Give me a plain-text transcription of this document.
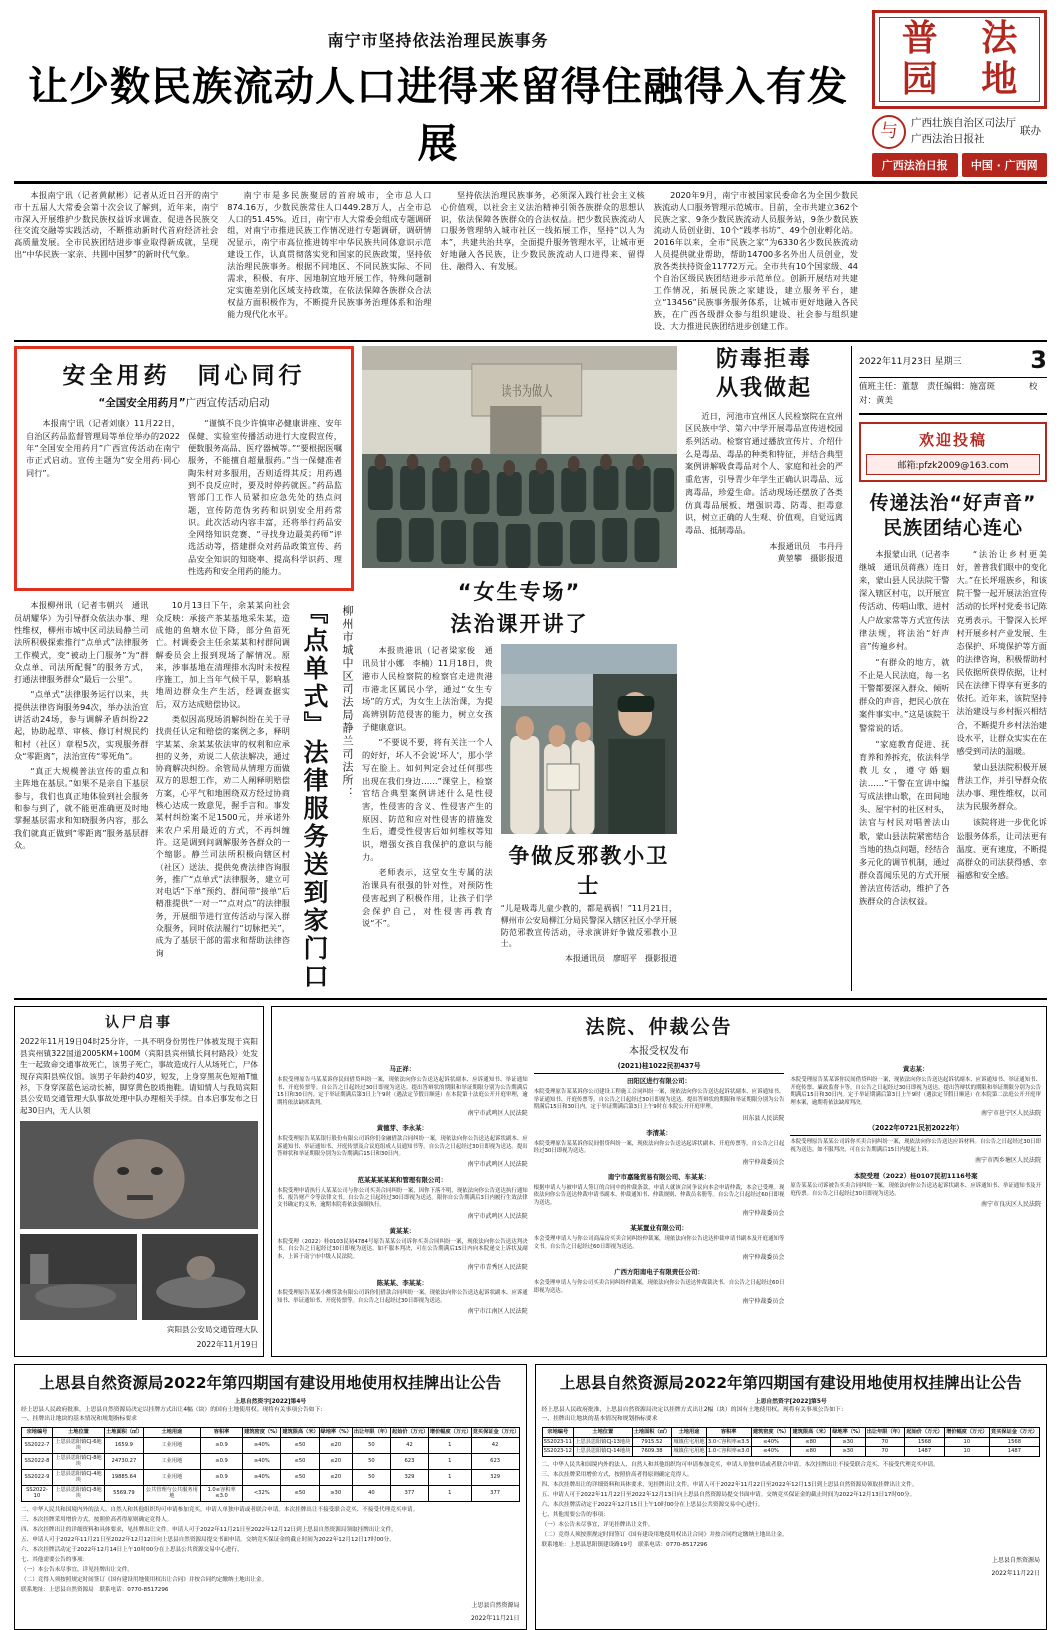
南宁市坚持依法治理民族事务
让少数民族流动人口进得来留得住融得入有发展
普	法
园	地
与	广西壮族自治区司法厅
广西法治日报社
联办
广西法治日报	中国 · 广西网

本报南宁讯（记者黄献彬）记者从近日召开的南宁市十五届人大常委会第十次会议了解到，近年来，南宁市深入开展维护少数民族权益诉求调查、促进各民族交往交流交融等实践活动，不断推动新时代首府经济社会高质量发展。全市民族团结进步事业取得新成就，呈现出“中华民族一家亲、共圆中国梦”的新时代气象。

南宁市是多民族聚居的首府城市，全市总人口874.16万，少数民族常住人口449.28万人，占全市总人口的51.45%。近日，南宁市人大常委会组成专题调研组，对南宁市推进民族工作情况进行专题调研，调研情况显示，南宁市高位推进铸牢中华民族共同体意识示范建设工作，认真贯彻落实党和国家的民族政策，坚持依法治理民族事务。根据不同地区、不同民族实际、不同需求，积极、有序、因地制宜地开展工作，特殊问题制定实施差别化区域支持政策，在依法保障各族群众合法权益方面积极作为，不断提升民族事务治理体系和治理能力现代化水平。

坚持依法治理民族事务，必须深入践行社会主义核心价值观，以社会主义法治精神引领各族群众的思想认识，依法保障各族群众的合法权益。把少数民族流动人口服务管理纳入城市社区一线拓展工作，坚持“以人为本”，共建共治共享，全面提升服务管理水平，让城市更好地融入各民族，让少数民族流动人口进得来、留得住、融得入、有发展。

2020年9月，南宁市被国家民委命名为全国少数民族流动人口服务管理示范城市。目前，全市共建立362个民族之家、9条少数民族流动人员服务站，9条少数民族流动人员创业街、10个“践孝书坊”、49个创业孵化站。2016年以来，全市“民族之家”为6330名少数民族流动人员提供就业帮助，帮助14700多名外出人员创业，发放各类扶持资金11772万元。全市共有10个国家级、44个自治区级民族团结进步示范单位。创新开展结对共建工作情况，拓展民族之家建设，建立服务平台，建立“13456”民族事务服务体系，让城市更好地融入各民族，在广西各级群众参与组织建设、社会参与组织建设、大力推进民族团结进步创建工作。

安全用药　同心同行
“全国安全用药月”广西宣传活动启动

本报南宁讯（记者刘康）11月22日，自治区药品监督管理局等单位举办的2022年“全国安全用药月”广西宣传活动在南宁市正式启动。宣传主题为“安全用药·同心同行”。

“谨慎不良少许慎审必健康讲座、安年保健、实验室传播活动进行大度假宣传，便数服务高品、医疗器械等。”“要根据医嘱服务，不能擅自超量服药。”当一保健准者陶朱村对多服用，否则适得其反；用药遇到不良反应时，要及时停药就医。”药品监管部门工作人员紧扣应急先处的热点问题，宣传防范伪劣药和识别安全用药常识。此次活动内容丰富，还将举行药品安全网络知识竞赛、“寻找身边最美药师”评选活动等，搭建群众对药品政策宣传、药品安全知识的知晓率、提高科学识药、理性选药和安全用药的能力。

本报柳州讯（记者韦朝兴　通讯员胡耀华）为引导群众依法办事、理性维权，柳州市城中区司法局静兰司法所积极探索推行“点单式”法律服务工作模式，变“被动上门服务”为“群众点单、司法所配餐”的服务方式，打通法律服务群众“最后一公里”。

“点单式”法律服务运行以来，共提供法律咨询服务94次，举办法治宣讲活动24场，参与调解矛盾纠纷22起，协助起草、审核、修订村规民约和村（社区）章程5次，实现服务群众“零距离”，法治宣传“零死角”。

“真正大规模普法宣传的重点和主阵地在基层。”如果不是亲自下基层参与，我们也真正地体验到社会服务和参与到了，就不能更准确更及时地掌握基层需求和知晓服务内容，那么我们就真正做到“零距离”服务基层群众。

10月13日下午，余某某向社会众反映：承接产茶某基地采朱某，造成他的鱼塘水位下降，部分鱼苗死亡。村调委会主任余某某和村群间调解委员会上报到现场了解情况。原来，涉事基地在清理排水沟时未按程序施工，加上当年气候干旱，影响基地周边群众生产生活，经调查据实后，双方达成赔偿协议。

类似因高现场消解纠纷在关于寻找责任认定和赔偿的案例之多，释明字某某、余某某依法审的权利和应承担的义务，劝说二人依法解决，通过协商解决纠纷。余管局从情理方面做双方的思想工作，劝二人阐释明赔偿方案，心平气和地围绕双方经过协商核心达成一致意见，握手言和。事发某村纠纷案不足1500元，并承诺外来农户采用最近的方式，不再纠缠许。这是调到问调解服务各群众的一个缩影。静兰司法所积极向辖区村（社区）送法、提供免费法律咨询服务，推广“点单式”法律服务，建立可对电话“下单”预约、群间带“接单”后精准提供“一对一”“点对点”的法律服务，开展细节进行宣传活动与深入群众服务，同时依法履行“切脉把关”，成为了基层干部的需求和帮助法律咨询	『点单式』法律服务送到家门口	柳州市城中区司法局静兰司法所：
读书为做人
“女生专场”
法治课开讲了

本报贵港讯（记者梁家俊　通讯员甘小娜　李楠）11月18日，贵港市人民检察院的检察官走进贵港市港北区属民小学，通过“女生专场”的方式，为女生上法治课，为提高辨别防范侵害的能力，树立女孩子健康意识。

“不要说不要，将有关注一个人的好好，坏人不会说'坏人'，那小学写在脸上。如何判定会过任何那些出现在我们身边……”课堂上，检察官结合典型案例讲述什么是性侵害，性侵害的含义、性侵害产生的原因、防范和应对性侵害的措施发生后，遭受性侵害后如何维权等知识，增强女孩自我保护的意识与能力。

老师表示，这堂女生专属的法治课具有很强的针对性，对预防性侵害起到了积极作用，让孩子们学会保护自己，对性侵害再教育说“不”。

争做反邪教小卫士
“儿是吸毒儿童少教的，都是祸祸！”11月21日，柳州市公安局柳江分局民警深入辖区社区小学开展防范邪教宣传活动，寻求演讲好争做反邪教小卫士。
本报通讯员　廖昭平　摄影报道
防毒拒毒
从我做起

近日，河池市宜州区人民检察院在宜州区民族中学、第六中学开展毒品宣传进校园系列活动。检察官通过播放宣传片、介绍什么是毒品、毒品的种类和特征，并结合典型案例讲解吸食毒品对个人、家庭和社会的严重危害，引导青少年学生正确认识毒品、远离毒品，珍爱生命。活动现场还摆放了各类仿真毒品展板、增强识毒、防毒、拒毒意识，树立正确的人生观、价值观，自觉远离毒品、抵制毒品。

本报通讯员　韦丹丹
黄堃攀　摄影报道
2022年11月23日 星期三	3
值班主任：董慧　责任编辑：施富斑　　　　校对：黄美
欢迎投稿
邮箱:pfzk2009@163.com
传递法治“好声音”
民族团结心连心

本报蒙山讯（记者李继城　通讯员蒋燕）连日来，蒙山县人民法院干警深入辖区村屯，以开展宣传活动、传唱山歌、进村人户故家常等方式宣传法律法规，将法治“好声音”传遍乡村。

“有群众的地方，就不止是人民法庭，每一名干警都要深入群众、倾听群众的声音，把民心放在案件事实中。”这是该院干警常说的话。

“家庭教育促进、抚育养和养拆充，依法科学教儿女，遵守婚姻法……”干警在宣讲中编写成法律山歌，在田间地头、屋宇村的社区村头，法官与村民对唱普法山歌，蒙山县法院紧密结合当地的热点问题，经结合多元化的调节机制，通过群众喜闻乐见的方式开展普法宣传活动，维护了各族群众的合法权益。

“法治让乡村更美好，普普我们眼中的变化大。”在长坪瑶族乡，和该院干警一起开展法治宣传活动的长坪村党委书记陈克勇表示。干警深入长坪村开展乡村产业发展、生态保护、环境保护等方面的法律咨询，积极帮助村民依据所获得依据，让村民在法律下得享有更多的依托。近年来，该院坚持法治建设与乡村振兴相结合，不断提升乡村法治建设水平，让群众实实在在感受到司法的温暖。

蒙山县法院积极开展普法工作，并引导群众依法办事、理性维权，以司法为民服务群众。

该院将进一步优化诉讼服务体系，让司法更有温度、更有速度，不断提高群众的司法获得感、幸福感和安全感。

认尸启事
2022年11月19日04时25分许，一具不明身份男性尸体被发现于宾阳县宾州镇322国道2005KM+100M（宾阳县宾州镇长间村路段）处发生一起致命交通事故死亡，该男子死亡，事故造成行人从场死亡，尸体现存宾阳县殡仪馆。该男子年龄约40岁，短发，上身穿黑灰色短袖T恤衫，下身穿深蓝色运动长裤，脚穿黄色胶质拖鞋。请知情人与我局宾阳县公安局交通管理大队事故处理中队办理相关手续。自本启事发布之日起30日内，无人认领
宾阳县公安局交通管理大队
2022年11月19日
法院、仲裁公告
本报受权发布

马正祥：

本院受理原告马某某诉你民间借贷纠纷一案，现依法向你公告送达起诉状副本、应诉通知书、举证通知书、开庭传票等。自公告之日起经过30日即视为送达。提出答辩状的期限和举证期限分别为公告期满后15日和30日内。定于举证期满后第3日上午9时（遇法定节假日顺延）在本院第十法庭公开开庭审理，逾期将依法缺席裁判。

南宁市武鸣区人民法院

黄德芽、李永某：

本院受理原告某某银行股份有限公司诉你们金融借款合同纠纷一案，现依法向你公告送达起诉状副本、应诉通知书、举证通知书、开庭传票及合议庭组成人员通知书等。自公告之日起经过30日即视为送达。提出答辩状和举证期限分别为公告期满后15日和30日内。

南宁市武鸣区人民法院

范某某某某某和管理有限公司：

本院受理申请执行人某某公司与你公司买卖合同纠纷一案，因你下落不明，现依法向你公告送达执行通知书、报告财产令等法律文书。自公告之日起经过30日即视为送达。限你自公告期满后3日内履行生效法律文书确定的义务，逾期本院将依法强制执行。

南宁市武鸣区人民法院

黄某某：

本院受理（2022）桂0103民初4784号原告某某公司诉你买卖合同纠纷一案，现依法向你公告送达判决书。自公告之日起经过30日即视为送达。如不服本判决，可在公告期满后15日内向本院递交上诉状及副本，上诉于南宁市中级人民法院。

南宁市青秀区人民法院

陈某某、李某某：

本院受理原告某某小额贷款有限公司诉你们借款合同纠纷一案，现依法向你公告送达起诉状副本、应诉通知书、举证通知书、开庭传票等。自公告之日起经过30日即视为送达。

南宁市江南区人民法院

(2021)桂1022民初437号

田阳区进行有限公司：

本院受理原告某某诉你公司建设工程施工合同纠纷一案，现依法向你公告送达起诉状副本、应诉通知书、举证通知书、开庭传票等。自公告之日起经过30日即视为送达。提出答辩状的期限和举证期限分别为公告期满后15日和30日内。定于举证期满后第3日上午9时在本院公开开庭审理。

田东县人民法院

李清某：

本院受理原告某某诉你民间借贷纠纷一案，现依法向你公告送达起诉状副本、开庭传票等。自公告之日起经过30日即视为送达。

南宁仲裁委员会

南宁市嘉隆贸易有限公司、车某某：

根据申请人与被申请人签订的合同中的仲裁条款，申请人就该合同争议向本会申请仲裁，本会已受理。现依法向你公告送达仲裁申请书副本、仲裁通知书、仲裁规则、仲裁员名册等。自公告之日起经过60日即视为送达。

南宁仲裁委员会

某某置业有限公司：

本会受理申请人与你公司商品房买卖合同纠纷仲裁案，现依法向你公告送达仲裁申请书副本及开庭通知等文书。自公告之日起经过60日即视为送达。

南宁仲裁委员会

广西方阳南电子有限责任公司：

本会受理申请人与你公司买卖合同纠纷仲裁案，现依法向你公告送达仲裁裁决书。自公告之日起经过60日即视为送达。

南宁仲裁委员会

黄志某：

本院受理原告某某诉你民间借贷纠纷一案，现依法向你公告送达起诉状副本、应诉通知书、举证通知书、开庭传票、廉政监督卡等。自公告之日起经过30日即视为送达。提出答辩状的期限和举证期限分别为公告期满后15日和30日内。定于举证期满后第3日上午9时（遇法定节假日顺延）在本院第二法庭公开开庭审理本案，逾期将依法缺席判决。

南宁市邕宁区人民法院

（2022年0721民初2022年）

本院受理原告某某公司诉你买卖合同纠纷一案，现依法向你公告送达应诉材料。自公告之日起经过30日即视为送达。如不服判决，可在公告期满后15日内提起上诉。

南宁市西乡塘区人民法院

本院受理（2022）桂0107民初1116号案

原告某某公司诉被告买卖合同纠纷一案，现依法向你公告送达起诉状副本、应诉通知书、举证通知书及开庭传票。自公告之日起经过30日即视为送达。

南宁市良庆区人民法院

上思县自然资源局2022年第四期国有建设用地使用权挂牌出让公告
上思自然资字[2022]第4号
经上思县人民政府批准，上思县自然资源局决定以挂牌方式出让4幅（块）的国有土地使用权。现将有关事项公告如下：
一、挂牌出让地块的基本情况和规划指标要求
宗地编号	土地位置	土地面积（㎡）	土地用途	容积率	建筑密度（%）	建筑限高（米）	绿地率（%）	出让年限（年）	起始价（万元）	增价幅度（万元）	竞买保证金（万元）
SS2022-7	上思县思阳镇CJ-6地块	1659.9	工业用地	≥0.9	≥40%	≤50	≤20	50	42	1	42
SS2022-8	上思县思阳镇CJ-8地块	24730.27	工业用地	≥0.9	≥40%	≤50	≤20	50	623	1	623
SS2022-9	上思县思阳镇CJ-4地块	19885.64	工业用地	≥0.9	≥40%	≤50	≤20	50	329	1	329
SS2022-10	上思县思阳镇CJ-8地块	5569.79	公共管理与公共服务用地	1.0≤容积率≤3.0	<32%	≤50	≥30	40	377	1	377

二、中华人民共和国境内外的法人、自然人和其他组织均可申请参加竞买，申请人单独申请或者联合申请。本次挂牌出让不接受联合竞买、不接受代理竞买申请。

三、本次挂牌采用增价方式，按照价高者得原则确定竞得人。

四、本次挂牌出让的详细资料和具体要求，见挂牌出让文件。申请人可于2022年11月21日至2022年12月12日到上思县自然资源局领取挂牌出让文件。

五、申请人可于2022年11月21日至2022年12月12日向上思县自然资源局提交书面申请。交纳竞买保证金的截止时间为2022年12月12日17时00分。

六、本次挂牌活动定于2022年12月14日上午10时00分在上思县公共资源交易中心进行。

七、其他需要公告的事项：

（一）本公告未尽事宜，详见挂牌出让文件。

（二）竞得人须按照规定时间签订《国有建设用地使用权出让合同》并按合同约定缴纳土地出让金。

联系地址：上思县自然资源局　联系电话：0770-8517296

上思县自然资源局
2022年11月21日
上思县自然资源局2022年第四期国有建设用地使用权挂牌出让公告
上思自然资字[2022]第5号
经上思县人民政府批准，上思县自然资源局决定以挂牌方式出让2幅（块）的国有土地使用权。现将有关事项公告如下：
一、挂牌出让地块的基本情况和规划指标要求
宗地编号	土地位置	土地面积（㎡）	土地用途	容积率	建筑密度（%）	建筑限高（米）	绿地率（%）	出让年限（年）	起始价（万元）	增价幅度（万元）	竞买保证金（万元）
SS2023-11	上思县思阳镇CJ-13地块	7915.52	城镇住宅用地	3.0＜容积率≤3.5	≤40%	≤80	≥30	70	1568	10	1568
SS2023-12	上思县思阳镇CJ-14地块	7609.38	城镇住宅用地	1.0＜容积率≤3.0	≤40%	≤80	≥30	70	1487	10	1487

二、中华人民共和国境内外的法人、自然人和其他组织均可申请参加竞买，申请人单独申请或者联合申请。本次挂牌出让不接受联合竞买、不接受代理竞买申请。

三、本次挂牌采用增价方式，按照价高者得原则确定竞得人。

四、本次挂牌出让的详细资料和具体要求，见挂牌出让文件。申请人可于2022年11月22日至2022年12月13日到上思县自然资源局领取挂牌出让文件。

五、申请人可于2022年11月22日至2022年12月13日向上思县自然资源局提交书面申请。交纳竞买保证金的截止时间为2022年12月13日17时00分。

六、本次挂牌活动定于2022年12月15日上午10时00分在上思县公共资源交易中心进行。

七、其他需要公告的事项：

（一）本公告未尽事宜，详见挂牌出让文件。

（二）竞得人须按照规定时间签订《国有建设用地使用权出让合同》并按合同约定缴纳土地出让金。

联系地址：上思县思阳镇建设路19号　联系电话：0770-8517296

上思县自然资源局
2022年11月22日
